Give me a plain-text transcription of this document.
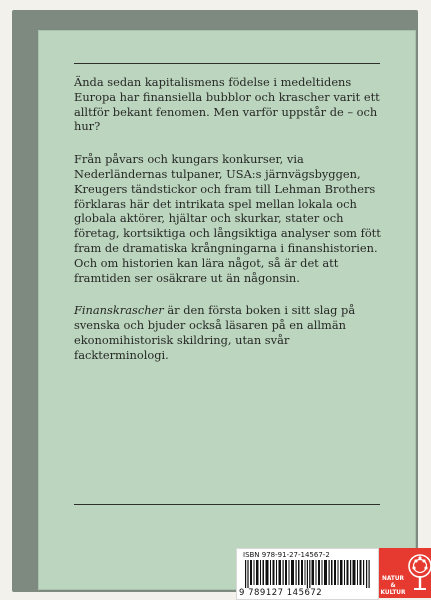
Ända sedan kapitalismens födelse i medeltidens Europa har finansiella bubblor och krascher varit ett alltför bekant fenomen. Men varför uppstår de – och hur?

Från påvars och kungars konkurser, via Nederländernas tulpaner, USA:s järnvägsbyggen, Kreugers tändstickor och fram till Lehman Brothers förklaras här det intrikata spel mellan lokala och globala aktörer, hjältar och skurkar, stater och företag, kortsiktiga och långsiktiga analyser som fött fram de dramatiska krångningarna i finanshistorien. Och om historien kan lära något, så är det att framtiden ser osäkrare ut än någonsin.

Finanskrascher är den första boken i sitt slag på svenska och bjuder också läsaren på en allmän ekonomihistorisk skildring, utan svår fackterminologi.

ISBN 978-91-27-14567-2
9 789127 145672
NATUR & KULTUR
